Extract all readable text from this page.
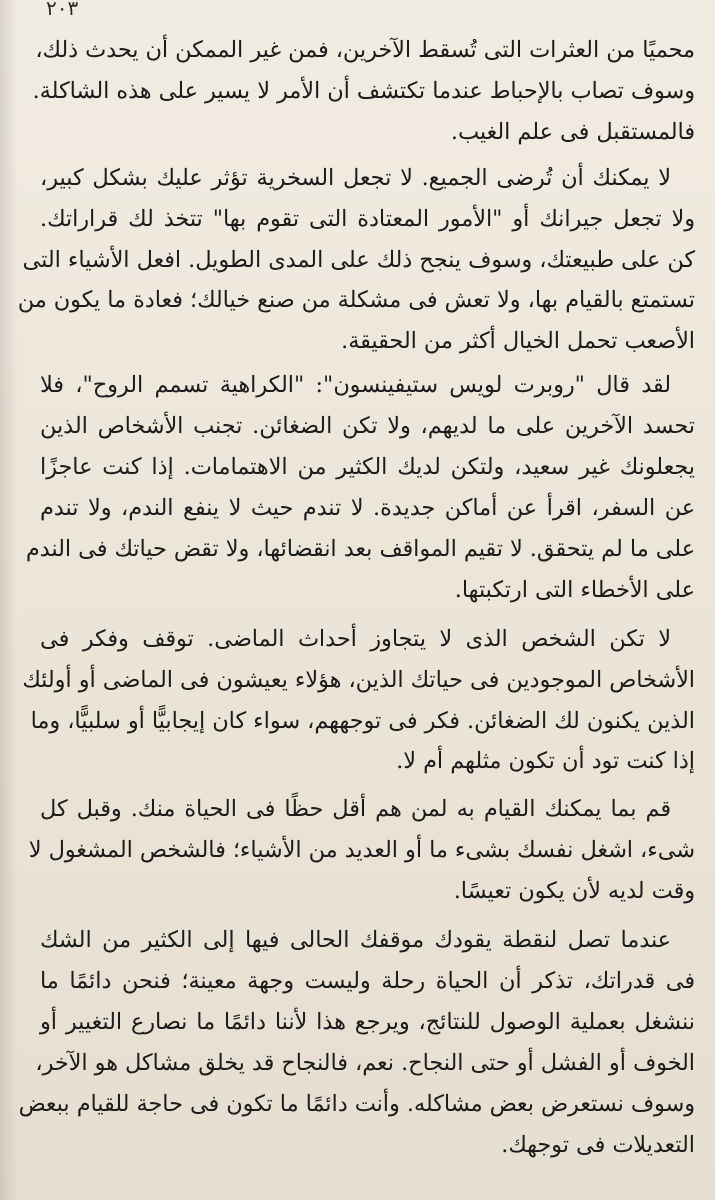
٢٠٣
محميًا من العثرات التى تُسقط الآخرين، فمن غير الممكن أن يحدث ذلك،
وسوف تصاب بالإحباط عندما تكتشف أن الأمر لا يسير على هذه الشاكلة.
فالمستقبل فى علم الغيب.
لا يمكنك أن تُرضى الجميع. لا تجعل السخرية تؤثر عليك بشكل كبير،
ولا تجعل جيرانك أو "الأمور المعتادة التى تقوم بها" تتخذ لك قراراتك.
كن على طبيعتك، وسوف ينجح ذلك على المدى الطويل. افعل الأشياء التى
تستمتع بالقيام بها، ولا تعش فى مشكلة من صنع خيالك؛ فعادة ما يكون من
الأصعب تحمل الخيال أكثر من الحقيقة.
لقد قال "روبرت لويس ستيفينسون": "الكراهية تسمم الروح"، فلا
تحسد الآخرين على ما لديهم، ولا تكن الضغائن. تجنب الأشخاص الذين
يجعلونك غير سعيد، ولتكن لديك الكثير من الاهتمامات. إذا كنت عاجزًا
عن السفر، اقرأ عن أماكن جديدة. لا تندم حيث لا ينفع الندم، ولا تندم
على ما لم يتحقق. لا تقيم المواقف بعد انقضائها، ولا تقض حياتك فى الندم
على الأخطاء التى ارتكبتها.
لا تكن الشخص الذى لا يتجاوز أحداث الماضى. توقف وفكر فى
الأشخاص الموجودين فى حياتك الذين، هؤلاء يعيشون فى الماضى أو أولئك
الذين يكنون لك الضغائن. فكر فى توجههم، سواء كان إيجابيًّا أو سلبيًّا، وما
إذا كنت تود أن تكون مثلهم أم لا.
قم بما يمكنك القيام به لمن هم أقل حظًا فى الحياة منك. وقبل كل
شىء، اشغل نفسك بشىء ما أو العديد من الأشياء؛ فالشخص المشغول لا
وقت لديه لأن يكون تعيسًا.
عندما تصل لنقطة يقودك موقفك الحالى فيها إلى الكثير من الشك
فى قدراتك، تذكر أن الحياة رحلة وليست وجهة معينة؛ فنحن دائمًا ما
ننشغل بعملية الوصول للنتائج، ويرجع هذا لأننا دائمًا ما نصارع التغيير أو
الخوف أو الفشل أو حتى النجاح. نعم، فالنجاح قد يخلق مشاكل هو الآخر،
وسوف نستعرض بعض مشاكله. وأنت دائمًا ما تكون فى حاجة للقيام ببعض
التعديلات فى توجهك.
